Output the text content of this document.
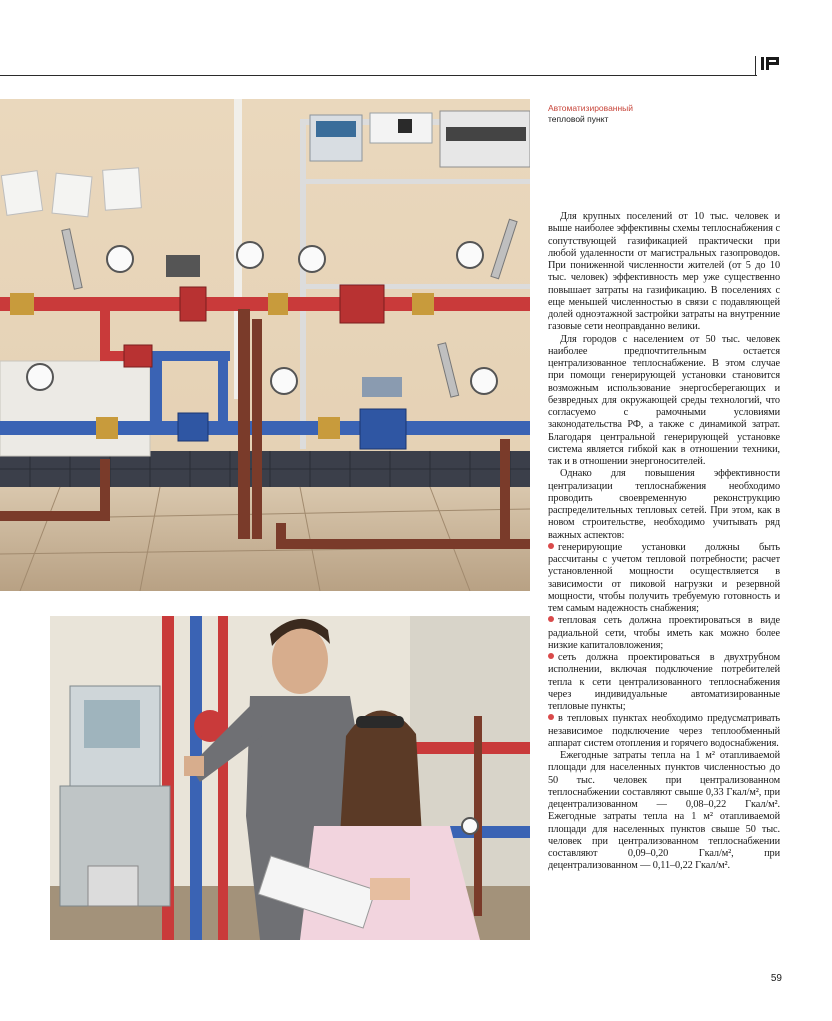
Автоматизированный
тепловой пункт

Для крупных поселений от 10 тыс. человек и выше наиболее эффективны схемы теплоснабжения с сопутствующей газификацией практически при любой удаленности от магистральных газопроводов. При пониженной численности жителей (от 5 до 10 тыс. человек) эффективность мер уже существенно повышает затраты на газификацию. В поселениях с еще меньшей численностью в связи с подавляющей долей одноэтажной застройки затраты на внутренние газовые сети неоправданно велики.

Для городов с населением от 50 тыс. человек наиболее предпочтительным остается централизованное теплоснабжение. В этом случае при помощи генерирующей установки становится возможным использование энергосберегающих и безвредных для окружающей среды технологий, что согласуемо с рамочными условиями законодательства РФ, а также с динамикой затрат. Благодаря центральной генерирующей установке система является гибкой как в отношении техники, так и в отношении энергоносителей.

Однако для повышения эффективности централизации теплоснабжения необходимо проводить своевременную реконструкцию распределительных тепловых сетей. При этом, как в новом строительстве, необходимо учитывать ряд важных аспектов:

генерирующие установки должны быть рассчитаны с учетом тепловой потребности; расчет установленной мощности осуществляется в зависимости от пиковой нагрузки и резервной мощности, чтобы получить требуемую готовность и тем самым надежность снабжения;
тепловая сеть должна проектироваться в виде радиальной сети, чтобы иметь как можно более низкие капиталовложения;
сеть должна проектироваться в двухтрубном исполнении, включая подключение потребителей тепла к сети централизованного теплоснабжения через индивидуальные автоматизированные тепловые пункты;
в тепловых пунктах необходимо предусматривать независимое подключение через теплообменный аппарат систем отопления и горячего водоснабжения.

Ежегодные затраты тепла на 1 м² отапливаемой площади для населенных пунктов численностью до 50 тыс. человек при централизованном теплоснабжении составляют свыше 0,33 Гкал/м², при децентрализованном — 0,08–0,22 Гкал/м². Ежегодные затраты тепла на 1 м² отапливаемой площади для населенных пунктов свыше 50 тыс. человек при централизованном теплоснабжении составляют 0,09–0,20 Гкал/м², при децентрализованном — 0,11–0,22 Гкал/м².

59
